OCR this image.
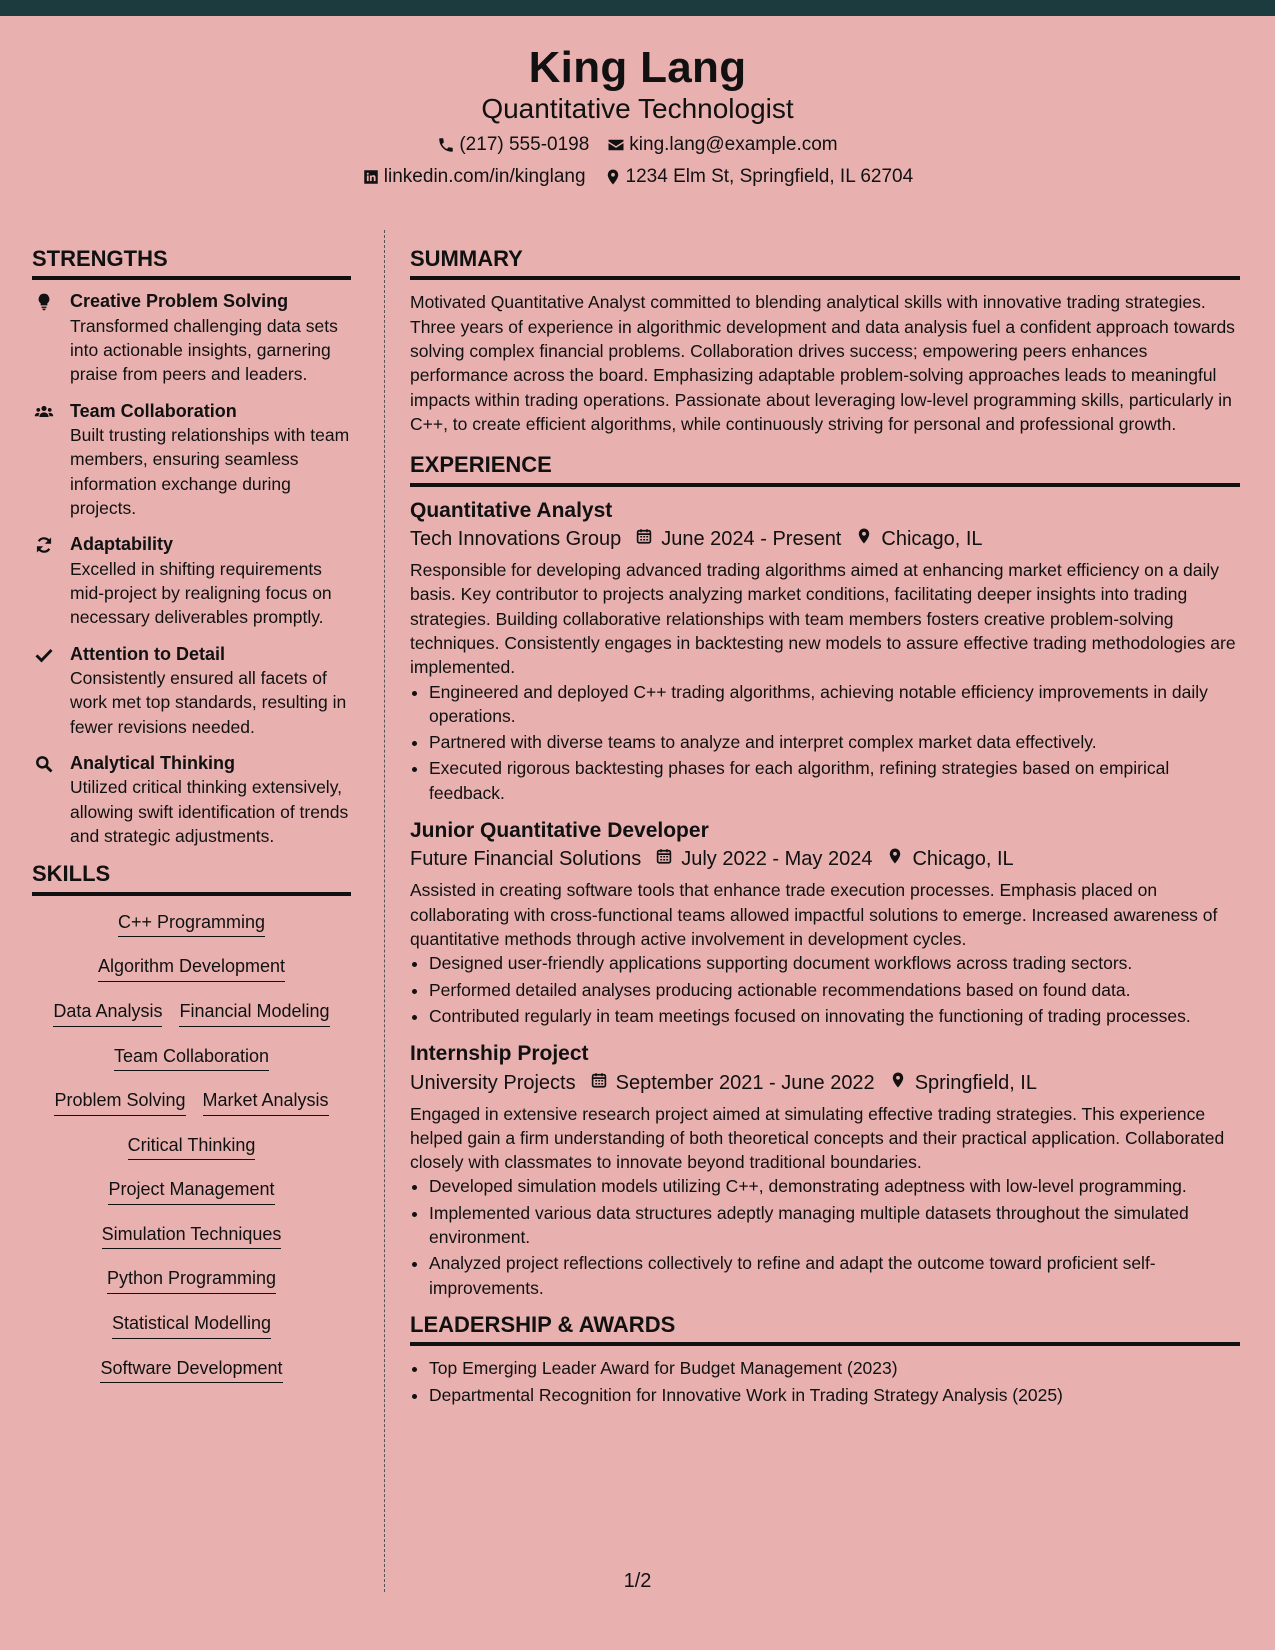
King Lang
Quantitative Technologist
(217) 555-0198 king.lang@example.com
linkedin.com/in/kinglang 1234 Elm St, Springfield, IL 62704
STRENGTHS
Creative Problem Solving
Transformed challenging data sets into actionable insights, garnering praise from peers and leaders.
Team Collaboration
Built trusting relationships with team members, ensuring seamless information exchange during projects.
Adaptability
Excelled in shifting requirements mid-project by realigning focus on necessary deliverables promptly.
Attention to Detail
Consistently ensured all facets of work met top standards, resulting in fewer revisions needed.
Analytical Thinking
Utilized critical thinking extensively, allowing swift identification of trends and strategic adjustments.
SKILLS
C++ Programming
Algorithm Development
Data Analysis Financial Modeling
Team Collaboration
Problem Solving Market Analysis
Critical Thinking
Project Management
Simulation Techniques
Python Programming
Statistical Modelling
Software Development
SUMMARY
Motivated Quantitative Analyst committed to blending analytical skills with innovative trading strategies. Three years of experience in algorithmic development and data analysis fuel a confident approach towards solving complex financial problems. Collaboration drives success; empowering peers enhances performance across the board. Emphasizing adaptable problem-solving approaches leads to meaningful impacts within trading operations. Passionate about leveraging low-level programming skills, particularly in C++, to create efficient algorithms, while continuously striving for personal and professional growth.
EXPERIENCE
Quantitative Analyst
Tech Innovations Group June 2024 - Present Chicago, IL
Responsible for developing advanced trading algorithms aimed at enhancing market efficiency on a daily basis. Key contributor to projects analyzing market conditions, facilitating deeper insights into trading strategies. Building collaborative relationships with team members fosters creative problem-solving techniques. Consistently engages in backtesting new models to assure effective trading methodologies are implemented.
• Engineered and deployed C++ trading algorithms, achieving notable efficiency improvements in daily operations.
• Partnered with diverse teams to analyze and interpret complex market data effectively.
• Executed rigorous backtesting phases for each algorithm, refining strategies based on empirical feedback.
Junior Quantitative Developer
Future Financial Solutions July 2022 - May 2024 Chicago, IL
Assisted in creating software tools that enhance trade execution processes. Emphasis placed on collaborating with cross-functional teams allowed impactful solutions to emerge. Increased awareness of quantitative methods through active involvement in development cycles.
• Designed user-friendly applications supporting document workflows across trading sectors.
• Performed detailed analyses producing actionable recommendations based on found data.
• Contributed regularly in team meetings focused on innovating the functioning of trading processes.
Internship Project
University Projects September 2021 - June 2022 Springfield, IL
Engaged in extensive research project aimed at simulating effective trading strategies. This experience helped gain a firm understanding of both theoretical concepts and their practical application. Collaborated closely with classmates to innovate beyond traditional boundaries.
• Developed simulation models utilizing C++, demonstrating adeptness with low-level programming.
• Implemented various data structures adeptly managing multiple datasets throughout the simulated environment.
• Analyzed project reflections collectively to refine and adapt the outcome toward proficient self-improvements.
LEADERSHIP & AWARDS
• Top Emerging Leader Award for Budget Management (2023)
• Departmental Recognition for Innovative Work in Trading Strategy Analysis (2025)
1/2
